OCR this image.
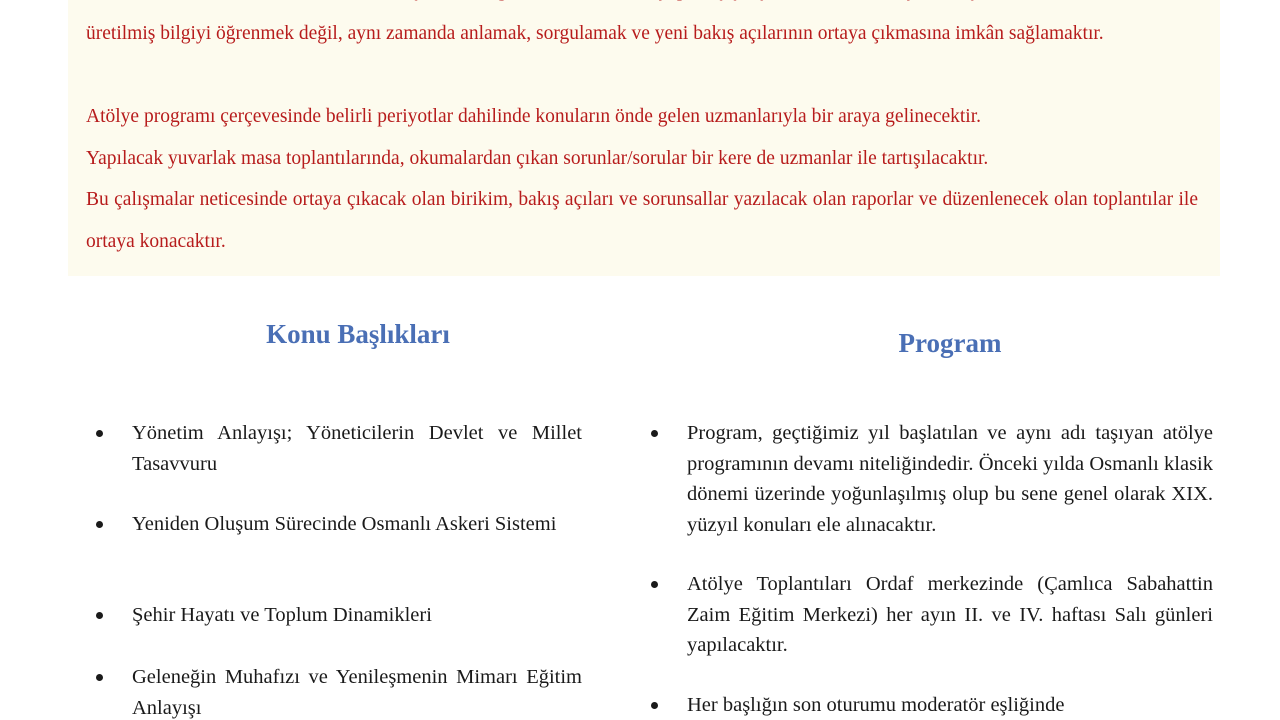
üretilmiş bilgiyi öğrenmek değil, aynı zamanda anlamak, sorgulamak ve yeni bakış açılarının ortaya çıkmasına imkân sağlamaktır.

Atölye programı çerçevesinde belirli periyotlar dahilinde konuların önde gelen uzmanlarıyla bir araya gelinecektir.

Yapılacak yuvarlak masa toplantılarında, okumalardan çıkan sorunlar/sorular bir kere de uzmanlar ile tartışılacaktır.

Bu çalışmalar neticesinde ortaya çıkacak olan birikim, bakış açıları ve sorunsallar yazılacak olan raporlar ve düzenlenecek olan toplantılar ile ortaya konacaktır.

Konu Başlıkları	Program
Yönetim Anlayışı; Yöneticilerin Devlet ve Millet Tasavvuru
Yeniden Oluşum Sürecinde Osmanlı Askeri Sistemi
Şehir Hayatı ve Toplum Dinamikleri
Geleneğin Muhafızı ve Yenileşmenin Mimarı Eğitim Anlayışı
Program, geçtiğimiz yıl başlatılan ve aynı adı taşıyan atölye programının devamı niteliğindedir. Önceki yılda Osmanlı klasik dönemi üzerinde yoğunlaşılmış olup bu sene genel olarak XIX. yüzyıl konuları ele alınacaktır.
Atölye Toplantıları Ordaf merkezinde (Çamlıca Sabahattin Zaim Eğitim Merkezi) her ayın II. ve IV. haftası Salı günleri yapılacaktır.
Her başlığın son oturumu moderatör eşliğinde
